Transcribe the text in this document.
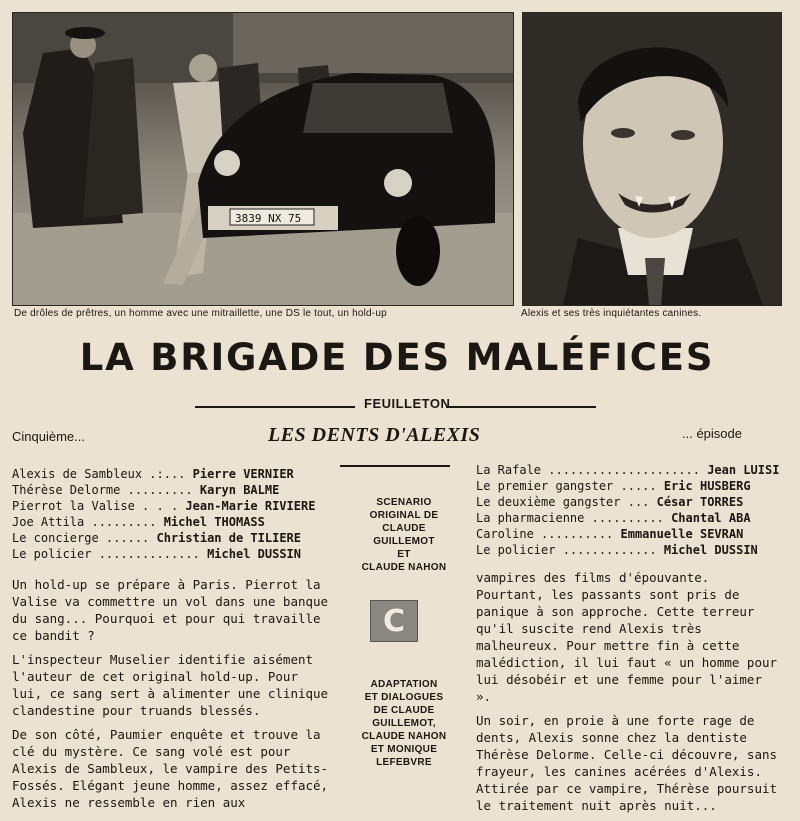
3839 NX 75
De drôles de prêtres, un homme avec une mitraillette, une DS le tout, un hold-up	Alexis et ses très inquiétantes canines.
LA BRIGADE DES MALÉFICES
FEUILLETON
Cinquième...	LES DENTS D'ALEXIS	... épisode
Alexis de Sambleux .:... Pierre VERNIER
Thérèse Delorme ......... Karyn BALME
Pierrot la Valise . . . Jean-Marie RIVIERE
Joe Attila ......... Michel THOMASS
Le concierge ...... Christian de TILIERE
Le policier .............. Michel DUSSIN
La Rafale ..................... Jean LUISI
Le premier gangster ..... Eric HUSBERG
Le deuxième gangster ... César TORRES
La pharmacienne .......... Chantal ABA
Caroline .......... Emmanuelle SEVRAN
Le policier ............. Michel DUSSIN
SCENARIO
ORIGINAL DE
CLAUDE
GUILLEMOT
ET
CLAUDE NAHON
C
ADAPTATION
ET DIALOGUES
DE CLAUDE
GUILLEMOT,
CLAUDE NAHON
ET MONIQUE
LEFEBVRE

Un hold-up se prépare à Paris. Pierrot la Valise va commettre un vol dans une banque du sang... Pourquoi et pour qui travaille ce bandit ?

L'inspecteur Muselier identifie aisément l'auteur de cet original hold-up. Pour lui, ce sang sert à alimenter une clinique clandestine pour truands blessés.

De son côté, Paumier enquête et trouve la clé du mystère. Ce sang volé est pour Alexis de Sambleux, le vampire des Petits-Fossés. Elégant jeune homme, assez effacé, Alexis ne ressemble en rien aux

vampires des films d'épouvante. Pourtant, les passants sont pris de panique à son approche. Cette terreur qu'il suscite rend Alexis très malheureux. Pour mettre fin à cette malédiction, il lui faut « un homme pour lui désobéir et une femme pour l'aimer ».

Un soir, en proie à une forte rage de dents, Alexis sonne chez la dentiste Thérèse Delorme. Celle-ci découvre, sans frayeur, les canines acérées d'Alexis. Attirée par ce vampire, Thérèse poursuit le traitement nuit après nuit...
